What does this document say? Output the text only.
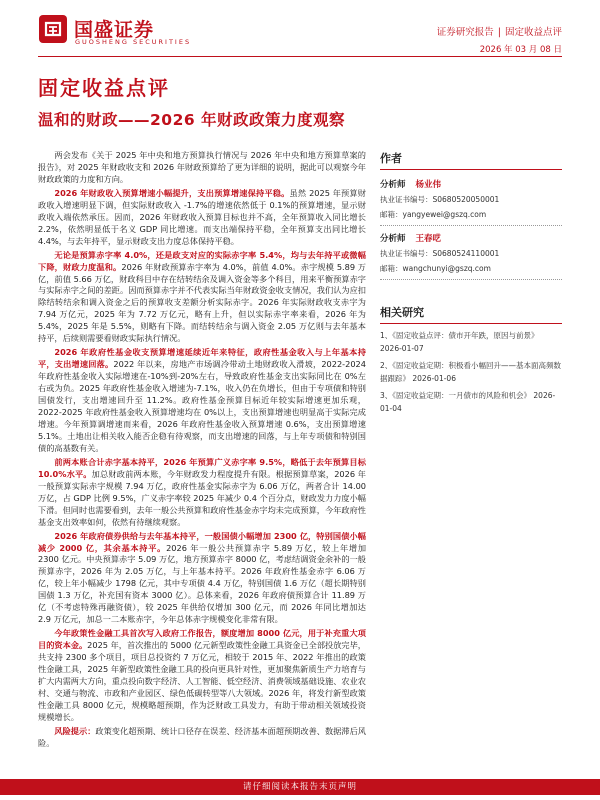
国盛证券
GUOSHENG SECURITIES
证券研究报告 | 固定收益点评
2026 年 03 月 08 日
固定收益点评
温和的财政——2026 年财政政策力度观察

两会发布《关于 2025 年中央和地方预算执行情况与 2026 年中央和地方预算草案的报告》，对 2025 年财政收支和 2026 年财政预算给了更为详细的说明，据此可以观察今年财政政策的力度和方向。

2026 年财政收入预算增速小幅提升，支出预算增速保持平稳。虽然 2025 年预算财政收入增速明显下调，但实际财政收入 -1.7%的增速依然低于 0.1%的预算增速，显示财政收入端依然承压。因而，2026 年财政收入预算目标也并不高，全年预算收入同比增长 2.2%，依然明显低于名义 GDP 同比增速。而支出端保持平稳，全年预算支出同比增长 4.4%，与去年持平，显示财政支出力度总体保持平稳。

无论是预算赤字率 4.0%，还是政支对应的实际赤字率 5.4%，均与去年持平或微幅下降，财政力度温和。2026 年财政预算赤字率为 4.0%，前值 4.0%。赤字规模 5.89 万亿，前值 5.66 万亿，财政科目中存在结转结余及调入资金等多个科目，用来平衡预算赤字与实际赤字之间的差距。因而预算赤字并不代表实际当年财政资金收支情况，我们认为应扣除结转结余和调入资金之后的预算收支差额分析实际赤字。2026 年实际财政收支赤字为 7.94 万亿元，2025 年为 7.72 万亿元，略有上升，但以实际赤字率来看，2026 年为 5.4%，2025 年是 5.5%，则略有下降。而结转结余与调入资金 2.05 万亿则与去年基本持平，后续则需要看财政实际执行情况。

2026 年政府性基金收支预算增速延续近年来特征，政府性基金收入与上年基本持平，支出增速回落。2022 年以来，房地产市场调冷带动土地财政收入滑坡，2022-2024 年政府性基金收入实际增速在-10%到-20%左右，导致政府性基金支出实际同比在 0%左右或为负。2025 年政府性基金收入增速为-7.1%，收入仍在负增长，但由于专项债和特别国债发行，支出增速回升至 11.2%。政府性基金预算目标近年较实际增速更加乐观，2022-2025 年政府性基金收入预算增速均在 0%以上，支出预算增速也明显高于实际完成增速。今年预算调增速而来看，2026 年政府性基金收入预算增速 0.6%，支出预算增速 5.1%。土地出让相关收入能否企稳有待观察，而支出增速的回落，与上年专项债和特别国债的高基数有关。

前两本账合计赤字基本持平，2026 年预算广义赤字率 9.5%，略低于去年预算目标 10.0%水平。加总财政前两本账，今年财政发力程度提升有限。根据预算草案，2026 年一般预算实际赤字规模 7.94 万亿，政府性基金实际赤字为 6.06 万亿，两者合计 14.00 万亿，占 GDP 比例 9.5%，广义赤字率较 2025 年减少 0.4 个百分点，财政发力力度小幅下滑。但同时也需要看到，去年一般公共预算和政府性基金赤字均未完成预算，今年政府性基金支出效率如何，依然有待继续观察。

2026 年政府债券供给与去年基本持平，一般国债小幅增加 2300 亿，特别国债小幅减少 2000 亿，其余基本持平。2026 年一般公共预算赤字 5.89 万亿，较上年增加 2300 亿元。中央预算赤字 5.09 万亿，地方预算赤字 8000 亿，考虑结调资金余补的一般预算赤字，2026 年为 2.05 万亿，与上年基本持平。2026 年政府性基金赤字 6.06 万亿，较上年小幅减少 1798 亿元，其中专项债 4.4 万亿，特别国债 1.6 万亿（超长期特别国债 1.3 万亿，补充国有资本 3000 亿）。总体来看，2026 年政府债预算合计 11.89 万亿（不考虑特殊再融资债），较 2025 年供给仅增加 300 亿元，而 2026 年同比增加达 2.9 万亿元，加总一二本账赤字，今年总体赤字规模变化非常有限。

今年政策性金融工具首次写入政府工作报告，额度增加 8000 亿元，用于补充重大项目的资本金。2025 年，首次推出的 5000 亿元新型政策性金融工具资金已全部投放完毕，共支持 2300 多个项目，项目总投资约 7 万亿元，相较于 2015 年、2022 年推出的政策性金融工具，2025 年新型政策性金融工具的投向更具针对性，更加聚焦新质生产力培育与扩大内需两大方向，重点投向数字经济、人工智能、低空经济、消费领域基础设施、农业农村、交通与物流、市政和产业园区、绿色低碳转型等八大领域。2026 年，将发行新型政策性金融工具 8000 亿元，规模略超预期，作为泛财政工具发力，有助于带动相关领域投资规模增长。

风险提示：政策变化超预期、统计口径存在误差、经济基本面超预期改善、数据滞后风险。

作者
分析师 杨业伟
执业证书编号：S0680520050001
邮箱：yangyewei@gszq.com
分析师 王春呓
执业证书编号：S0680524110001
邮箱：wangchunyi@gszq.com
相关研究
1、《固定收益点评：债市开年跌，原因与前景》 2026-01-07
2、《固定收益定期：积极看小幅回升——基本面高频数据跟踪》 2026-01-06
3、《固定收益定期：一月债市的风险和机会》 2026-01-04
请仔细阅读本报告末页声明
